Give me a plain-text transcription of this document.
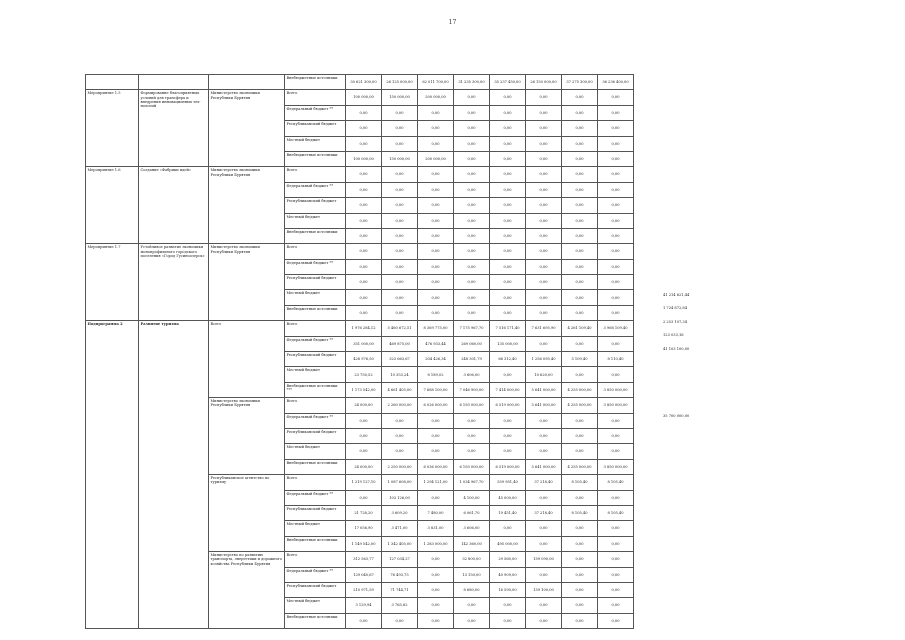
17
			Внебюджетные источники	30 621 300,00	26 125 000,00	62 011 700,00	31 235 300,00	35 237 450,00	26 150 000,00	37 275 300,00	36 236 400,00
Мероприятие 1.5	Формирование благоприятных условий для трансфера и внедрения инновационных тех-нологий	Министерство экономики Республики Бурятия	Всего	100 000,00	150 000,00	200 000,00	0,00	0,00	0,00	0,00	0,00
			Федеральный бюджет **	0,00	0,00	0,00	0,00	0,00	0,00	0,00	0,00
			Республиканский бюджет	0,00	0,00	0,00	0,00	0,00	0,00	0,00	0,00
			Местный бюджет	0,00	0,00	0,00	0,00	0,00	0,00	0,00	0,00
			Внебюджетные источники	100 000,00	150 000,00	200 000,00	0,00	0,00	0,00	0,00	0,00
Мероприятие 1.6	Создание «Фабрики идей»	Министерство экономики Республики Бурятия	Всего	0,00	0,00	0,00	0,00	0,00	0,00	0,00	0,00
			Федеральный бюджет **	0,00	0,00	0,00	0,00	0,00	0,00	0,00	0,00
			Республиканский бюджет	0,00	0,00	0,00	0,00	0,00	0,00	0,00	0,00
			Местный бюджет	0,00	0,00	0,00	0,00	0,00	0,00	0,00	0,00
			Внебюджетные источники	0,00	0,00	0,00	0,00	0,00	0,00	0,00	0,00
Мероприятие 1.7	Устойчивое развитие экономики монопрофильного городского поселения «Город Гусиноозерск»	Министерство экономики Республики Бурятия	Всего	0,00	0,00	0,00	0,00	0,00	0,00	0,00	0,00
			Федеральный бюджет **	0,00	0,00	0,00	0,00	0,00	0,00	0,00	0,00
			Республиканский бюджет	0,00	0,00	0,00	0,00	0,00	0,00	0,00	0,00
			Местный бюджет	0,00	0,00	0,00	0,00	0,00	0,00	0,00	0,00
			Внебюджетные источники	0,00	0,00	0,00	0,00	0,00	0,00	0,00	0,00
Подпрограмма 2	Развитие туризма	Всего	Всего	1 976 284,12	5 460 672,51	8 369 775,00	7 175 967,70	7 516 171,40	7 631 695,90	4 261 109,40	3 968 109,40
			Федеральный бюджет **	351 000,00	469 875,00	476 933,44	269 060,00	135 000,00	0,00	0,00	0,00
			Республиканский бюджет	428 976,50	323 663,67	204 426,34	248 301,79	66 312,40	1 256 095,40	5 109,40	8 110,40
			Местный бюджет	23 750,52	10 353,24	8 189,02	3 606,00	0,00	10 620,00	0,00	0,00
			Внебюджетные источники ***	1 173 542,00	4 661 405,00	7 688 100,00	7 046 900,00	7 414 000,00	5 641 000,00	4 255 000,00	3 850 000,00
		Министерство экономики Республики Бурятия	Всего	24 000,00	2 260 000,00	6 026 000,00	6 193 000,00	6 519 000,00	5 641 000,00	4 255 000,00	3 850 000,00
			Федеральный бюджет **	0,00	0,00	0,00	0,00	0,00	0,00	0,00	0,00
			Республиканский бюджет	0,00	0,00	0,00	0,00	0,00	0,00	0,00	0,00
			Местный бюджет	0,00	0,00	0,00	0,00	0,00	0,00	0,00	0,00
			Внебюджетные источники	24 000,00	2 250 000,00	6 036 000,00	6 193 000,00	6 519 000,00	5 641 000,00	4 255 000,00	3 850 000,00
		Республиканское агентство по туризму	Всего	1 219 127,10	1 087 608,00	1 294 121,00	1 034 967,70	559 951,40	37 218,40	8 105,40	8 105,40
			Федеральный бюджет **	0,00	103 126,00	0,00	4 100,00	45 000,00	0,00	0,00	0,00
			Республиканский бюджет	21 728,20	3 609,20	7 480,00	6 061,70	19 451,40	37 218,40	8 105,40	8 105,40
			Местный бюджет	17 056,90	3 471,00	3 831,00	3 606,00	0,00	0,00	0,00	0,00
			Внебюджетные источники	1 149 542,00	1 342 405,00	1 283 000,00	142 360,00	495 000,00	0,00	0,00	0,00
		Министерство по развитию транспорта, энергетики и дорожного хозяйства Республики Бурятия	Всего	312 563,77	127 034,27	0,00	32 800,00	29 560,00	159 090,00	0,00	0,00
			Федеральный бюджет **	129 040,67	76 493,75	0,00	13 150,00	40 909,00	0,00	0,00	0,00
			Республиканский бюджет	210 971,59	71 744,71	0,00	8 680,00	16 590,00	159 100,00	0,00	0,00
			Местный бюджет	3 129,94	3 765,82	0,00	0,00	0,00	0,00	0,00	0,00
			Внебюджетные источники	0,00	0,00	0,00	0,00	0,00	0,00	0,00	0,00
41 214 621,44
1 724 872,84
2 253 107,34
123 033,16
41 103 100,00
35 700 000,00
